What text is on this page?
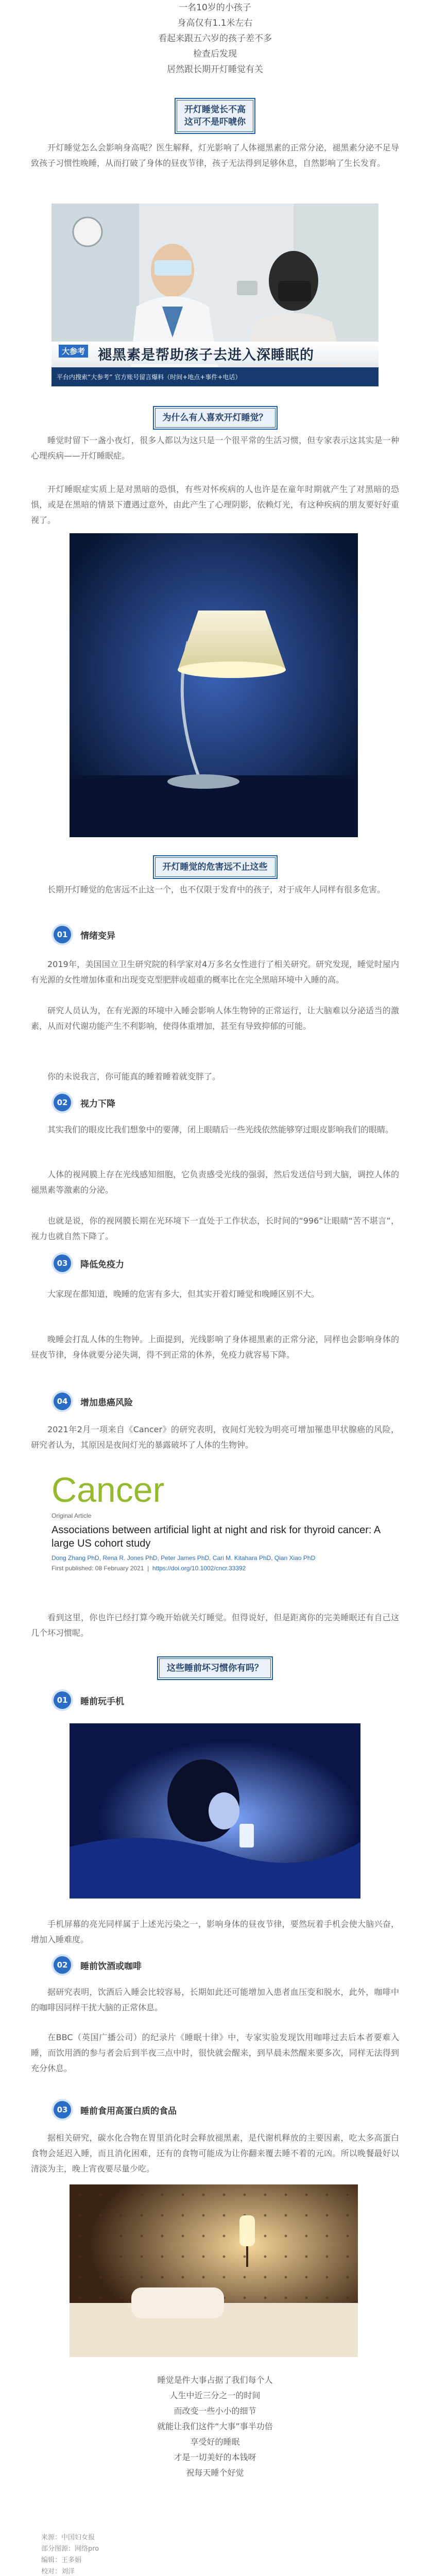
一名10岁的小孩子
身高仅有1.1米左右
看起来跟五六岁的孩子差不多
检查后发现
居然跟长期开灯睡觉有关
开灯睡觉长不高
这可不是吓唬你
开灯睡觉怎么会影响身高呢？医生解释，灯光影响了人体褪黑素的正常分泌，褪黑素分泌不足导致孩子习惯性晚睡，从而打破了身体的昼夜节律，孩子无法得到足够休息，自然影响了生长发育。
大参考 褪黑素是帮助孩子去进入深睡眠的
平台内搜索“大参考” 官方账号留言爆料（时间+地点+事件+电话）
为什么有人喜欢开灯睡觉？
睡觉时留下一盏小夜灯，很多人都以为这只是一个很平常的生活习惯，但专家表示这其实是一种心理疾病——开灯睡眠症。
开灯睡眠症实质上是对黑暗的恐惧，有些对怀疾病的人也许是在童年时期就产生了对黑暗的恐惧，或是在黑暗的情景下遭遇过意外，由此产生了心理阴影，依赖灯光，有这种疾病的朋友要好好重视了。
开灯睡觉的危害远不止这些
长期开灯睡觉的危害远不止这一个，也不仅限于发育中的孩子，对于成年人同样有很多危害。
01	情绪变异
2019年，美国国立卫生研究院的科学家对4万多名女性进行了相关研究。研究发现，睡觉时屋内有光源的女性增加体重和出现变克型肥胖或超重的概率比在完全黑暗环境中入睡的高。
研究人员认为，在有光源的环境中入睡会影响人体生物钟的正常运行，让大脑难以分泌适当的激素，从而对代谢功能产生不利影响，使得体重增加，甚至有导致抑郁的可能。
你的未说我言，你可能真的睡着睡着就变胖了。
02	视力下降
其实我们的眼皮比我们想象中的要薄，闭上眼睛后一些光线依然能够穿过眼皮影响我们的眼睛。
人体的视网膜上存在光线感知细胞，它负责感受光线的强弱，然后发送信号到大脑，调控人体的褪黑素等激素的分泌。
也就是说，你的视网膜长期在光环境下一直处于工作状态，长时间的“996”让眼睛“苦不堪言”，视力也就自然下降了。
03	降低免疫力
大家现在都知道，晚睡的危害有多大，但其实开着灯睡觉和晚睡区别不大。
晚睡会打乱人体的生物钟。上面提到，光线影响了身体褪黑素的正常分泌，同样也会影响身体的昼夜节律，身体就要分泌失调，得不到正常的休养，免疫力就容易下降。
04	增加患癌风险
2021年2月一项来自《Cancer》的研究表明，夜间灯光较为明亮可增加罹患甲状腺癌的风险，研究者认为，其原因是夜间灯光的暴露破坏了人体的生物钟。
Cancer
Original Article
Associations between artificial light at night and risk for thyroid cancer: A large US cohort study
Dong Zhang PhD, Rena R. Jones PhD, Peter James PhD, Cari M. Kitahara PhD, Qian Xiao PhD
First published: 08 February 2021  |  https://doi.org/10.1002/cncr.33392
看到这里，你也许已经打算今晚开始就关灯睡觉。但得说好，但是距离你的完美睡眠还有自己这几个坏习惯呢。
这些睡前坏习惯你有吗？
01	睡前玩手机
手机屏幕的亮光同样属于上述光污染之一，影响身体的昼夜节律，要然玩着手机会使大脑兴奋，增加入睡难度。
02	睡前饮酒或咖啡
据研究表明，饮酒后入睡会比较容易，长期如此还可能增加入患者血压变和脱水，此外，咖啡中的咖啡因同样干扰大脑的正常休息。
在BBC（英国广播公司）的纪录片《睡眠十律》中，专家实验发现饮用咖啡过去后本者要难入睡，而饮用酒的参与者会后到半夜三点中时，很快就会醒来，到早晨未然醒来要多次，同样无法得到充分休息。
03	睡前食用高蛋白质的食品
据相关研究，碳水化合物在胃里消化时会释放褪黑素，是代谢机释放的主要因素，吃太多高蛋白食物会延迟入睡，而且消化困难，还有的食物可能成为让你翻来覆去睡不着的元凶。所以晚餐最好以清淡为主，晚上宵夜要尽量少吃。
睡觉是件大事占据了我们每个人
人生中近三分之一的时间
而改变一些小小的细节
就能让我们这件“大事”事半功倍
享受好的睡眠
才是一切美好的本钱呀
祝每天睡个好觉
来源：中国妇女报
部分图源：网络pro
编辑：王多娟
校对：刘洋
